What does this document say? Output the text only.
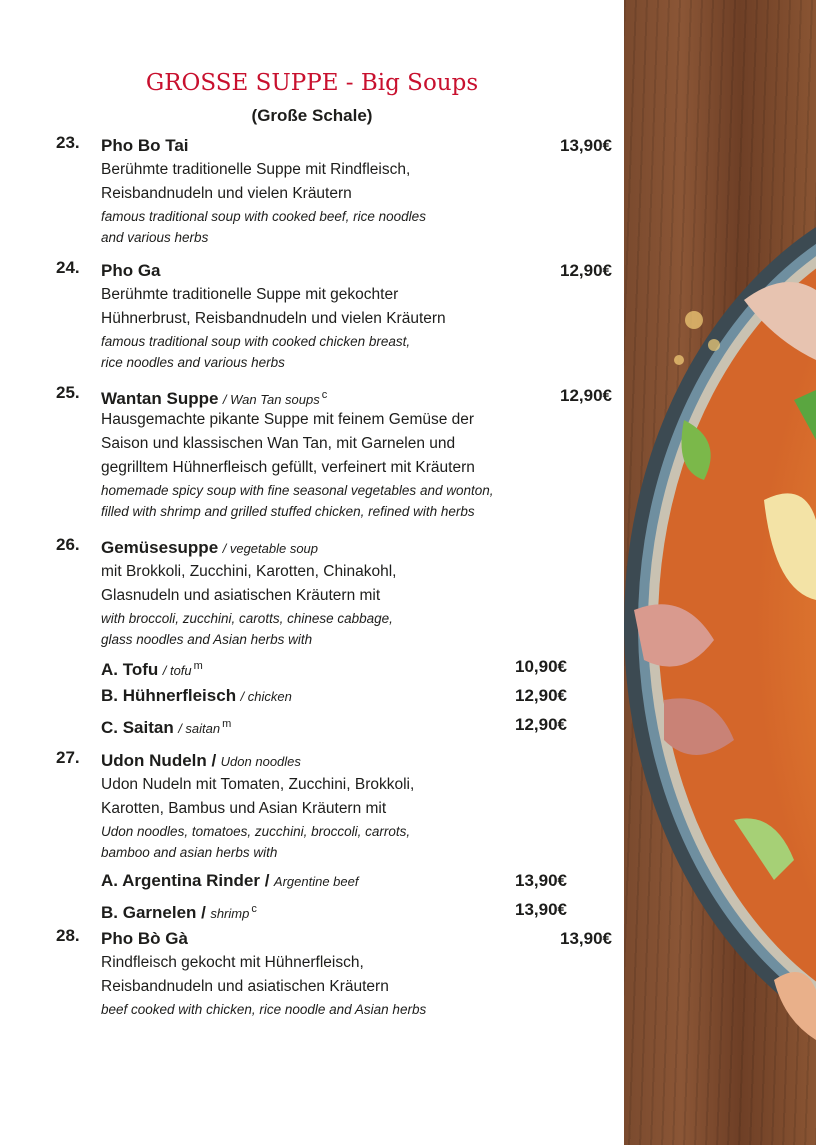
GROSSE SUPPE - Big Soups
(Große Schale)
23. Pho Bo Tai	13,90€
Berühmte traditionelle Suppe mit Rindfleisch,
Reisbandnudeln und vielen Kräutern
famous traditional soup with cooked beef, rice noodles
and various herbs
24. Pho Ga	12,90€
Berühmte traditionelle Suppe mit gekochter
Hühnerbrust, Reisbandnudeln und vielen Kräutern
famous traditional soup with cooked chicken breast,
rice noodles and various herbs
25. Wantan Suppe / Wan Tan soups $^c$	12,90€
Hausgemachte pikante Suppe mit feinem Gemüse der
Saison und klassischen Wan Tan, mit Garnelen und
gegrilltem Hühnerfleisch gefüllt, verfeinert mit Kräutern
homemade spicy soup with fine seasonal vegetables and wonton,
filled with shrimp and grilled stuffed chicken, refined with herbs
26. Gemüsesuppe / vegetable soup
mit Brokkoli, Zucchini, Karotten, Chinakohl,
Glasnudeln und asiatischen Kräutern mit
with broccoli, zucchini, carotts, chinese cabbage,
glass noodles and Asian herbs with
A. Tofu / tofu $^m$	10,90€
B. Hühnerfleisch / chicken	12,90€
C. Saitan / saitan $^m$	12,90€
27. Udon Nudeln / Udon noodles
Udon Nudeln mit Tomaten, Zucchini, Brokkoli,
Karotten, Bambus und Asian Kräutern mit
Udon noodles, tomatoes, zucchini, broccoli, carrots,
bamboo and asian herbs with
A. Argentina Rinder / Argentine beef	13,90€
B. Garnelen / shrimp $^c$	13,90€
28. Pho Bò Gà	13,90€
Rindfleisch gekocht mit Hühnerfleisch,
Reisbandnudeln und asiatischen Kräutern
beef cooked with chicken, rice noodle and Asian herbs
